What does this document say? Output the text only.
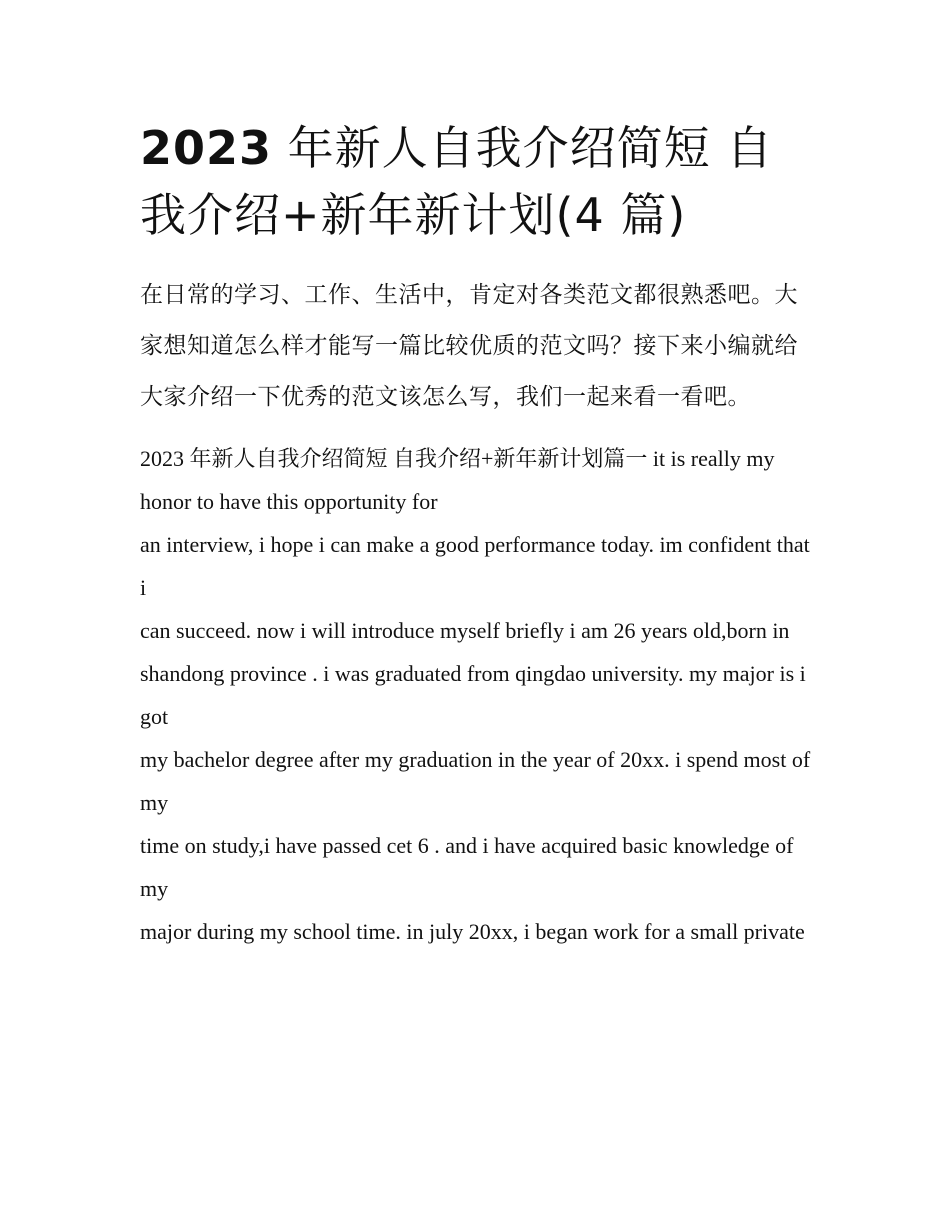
2023 年新人自我介绍简短 自我介绍+新年新计划(4 篇)

在日常的学习、工作、生活中，肯定对各类范文都很熟悉吧。大家想知道怎么样才能写一篇比较优质的范文吗？接下来小编就给大家介绍一下优秀的范文该怎么写，我们一起来看一看吧。

2023 年新人自我介绍简短 自我介绍+新年新计划篇一 it is really my honor to have this opportunity for
an interview, i hope i can make a good performance today. im confident that i
can succeed. now i will introduce myself briefly i am 26 years old,born in
shandong province . i was graduated from qingdao university. my major is i got
my bachelor degree after my graduation in the year of 20xx. i spend most of my
time on study,i have passed cet 6 . and i have acquired basic knowledge of my
major during my school time. in july 20xx, i began work for a small private
